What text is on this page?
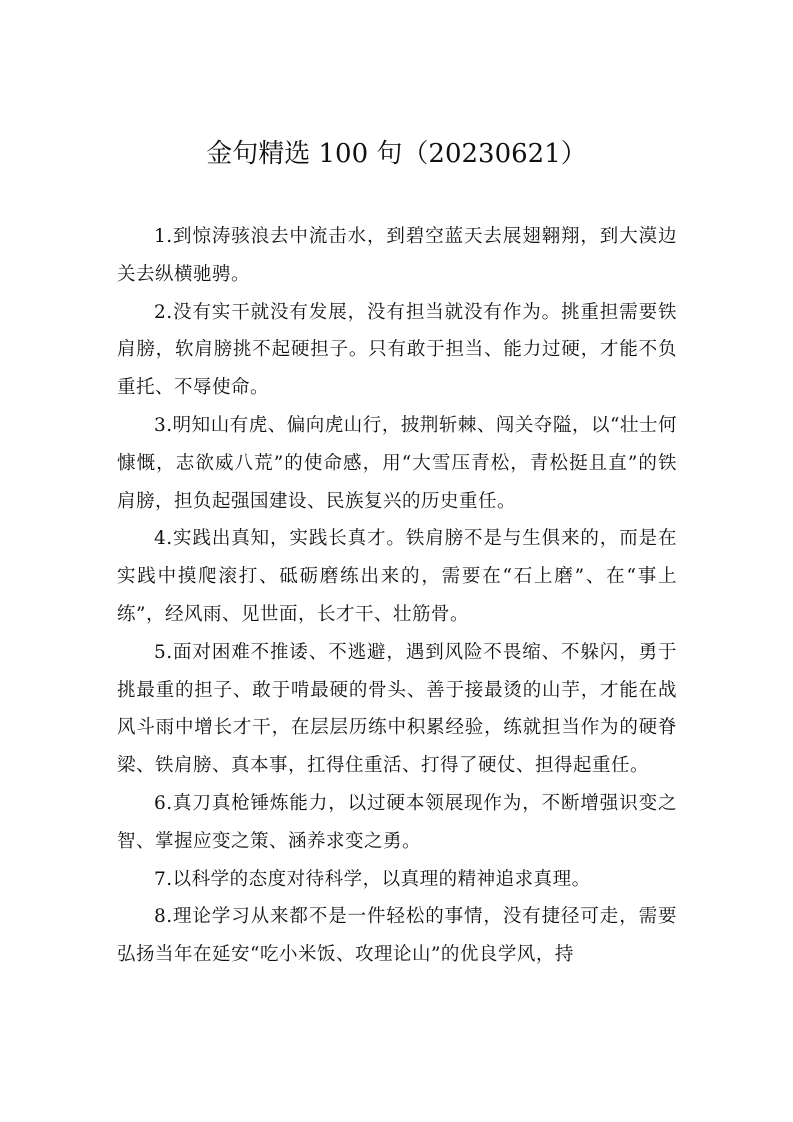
金句精选 100 句（20230621）

1.到惊涛骇浪去中流击水，到碧空蓝天去展翅翱翔，到大漠边关去纵横驰骋。

2.没有实干就没有发展，没有担当就没有作为。挑重担需要铁肩膀，软肩膀挑不起硬担子。只有敢于担当、能力过硬，才能不负重托、不辱使命。

3.明知山有虎、偏向虎山行，披荆斩棘、闯关夺隘，以“壮士何慷慨，志欲威八荒”的使命感，用“大雪压青松，青松挺且直”的铁肩膀，担负起强国建设、民族复兴的历史重任。

4.实践出真知，实践长真才。铁肩膀不是与生俱来的，而是在实践中摸爬滚打、砥砺磨练出来的，需要在“石上磨”、在“事上练”，经风雨、见世面，长才干、壮筋骨。

5.面对困难不推诿、不逃避，遇到风险不畏缩、不躲闪，勇于挑最重的担子、敢于啃最硬的骨头、善于接最烫的山芋，才能在战风斗雨中增长才干，在层层历练中积累经验，练就担当作为的硬脊梁、铁肩膀、真本事，扛得住重活、打得了硬仗、担得起重任。

6.真刀真枪锤炼能力，以过硬本领展现作为，不断增强识变之智、掌握应变之策、涵养求变之勇。

7.以科学的态度对待科学，以真理的精神追求真理。

8.理论学习从来都不是一件轻松的事情，没有捷径可走，需要弘扬当年在延安“吃小米饭、攻理论山”的优良学风，持
